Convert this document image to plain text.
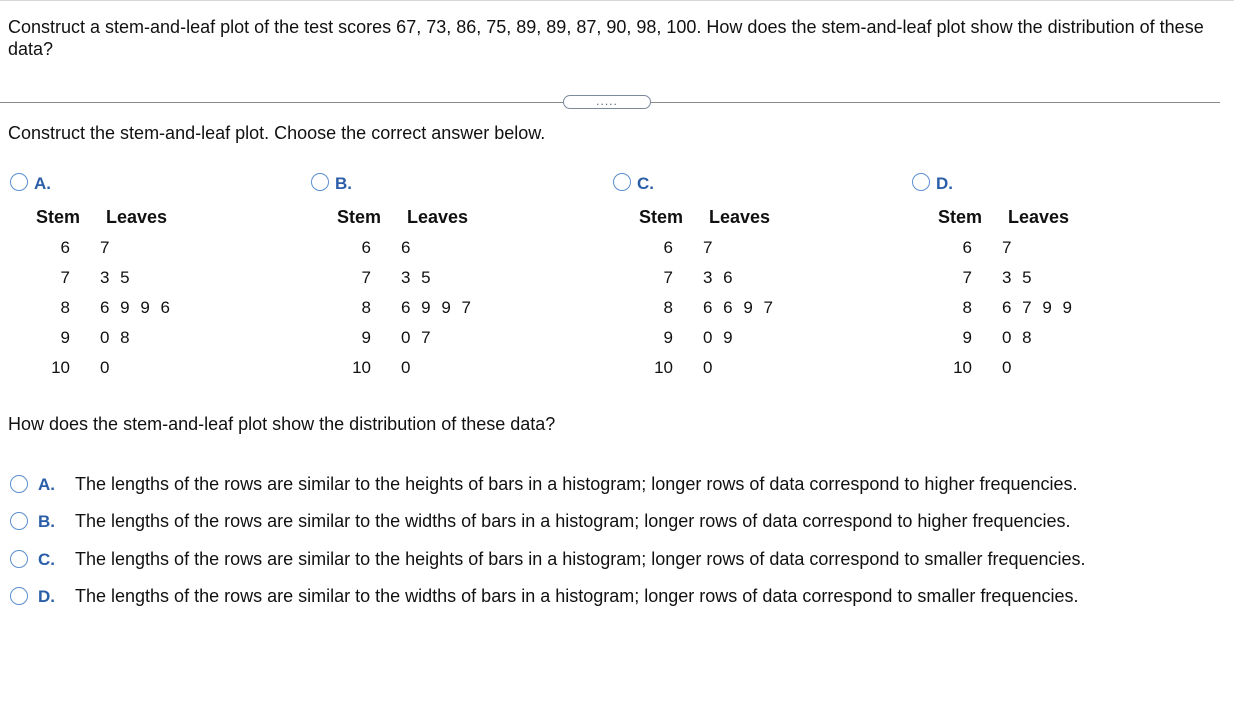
Construct a stem-and-leaf plot of the test scores 67, 73, 86, 75, 89, 89, 87, 90, 98, 100. How does the stem-and-leaf plot show the distribution of these data?
.....
Construct the stem-and-leaf plot. Choose the correct answer below.
A.
Stem Leaves
6 7
7 3 5
8 6 9 9 6
9 0 8
10 0
B.
Stem Leaves
6 6
7 3 5
8 6 9 9 7
9 0 7
10 0
C.
Stem Leaves
6 7
7 3 6
8 6 6 9 7
9 0 9
10 0
D.
Stem Leaves
6 7
7 3 5
8 6 7 9 9
9 0 8
10 0
How does the stem-and-leaf plot show the distribution of these data?
A. The lengths of the rows are similar to the heights of bars in a histogram; longer rows of data correspond to higher frequencies.
B. The lengths of the rows are similar to the widths of bars in a histogram; longer rows of data correspond to higher frequencies.
C. The lengths of the rows are similar to the heights of bars in a histogram; longer rows of data correspond to smaller frequencies.
D. The lengths of the rows are similar to the widths of bars in a histogram; longer rows of data correspond to smaller frequencies.
